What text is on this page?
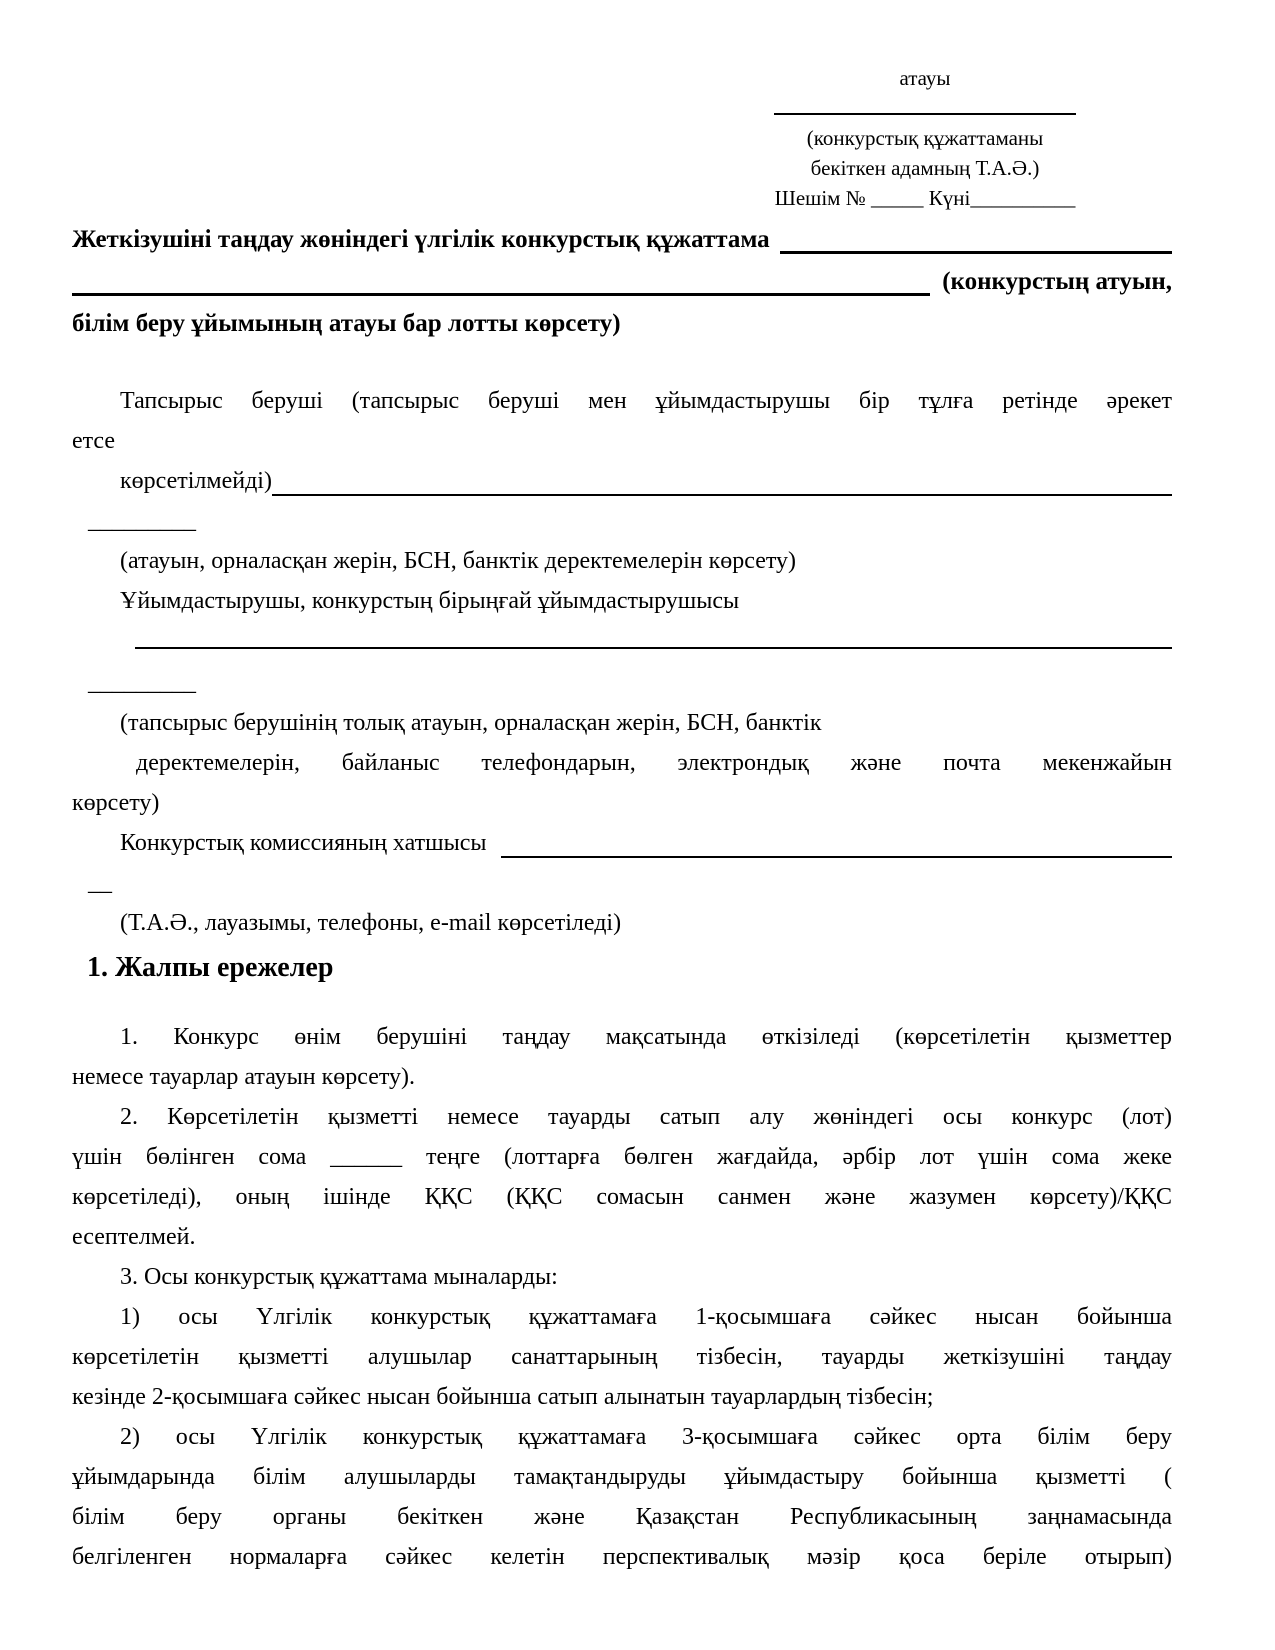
атауы
(конкурстық құжаттаманы
бекіткен адамның Т.А.Ә.)
Шешім № _____ Күні__________
Жеткізушіні таңдау жөніндегі үлгілік конкурстық құжаттама
(конкурстың атуын,
білім беру ұйымының атауы бар лотты көрсету)
Тапсырыс беруші (тапсырыс беруші мен ұйымдастырушы бір тұлға ретінде әрекет
етсе
көрсетілмейді)
_________
(атауын, орналасқан жерін, БСН, банктік деректемелерін көрсету)
Ұйымдастырушы, конкурстың бірыңғай ұйымдастырушысы
_________
(тапсырыс берушінің толық атауын, орналасқан жерін, БСН, банктік
деректемелерін, байланыс телефондарын, электрондық және почта мекенжайын
көрсету)
Конкурстық комиссияның хатшысы
__
(Т.А.Ә., лауазымы, телефоны, e-mail көрсетіледі)
1. Жалпы ережелер
1. Конкурс өнім берушіні таңдау мақсатында өткізіледі (көрсетілетін қызметтер
немесе тауарлар атауын көрсету).
2. Көрсетілетін қызметті немесе тауарды сатып алу жөніндегі осы конкурс (лот)
үшін бөлінген сома ______ теңге (лоттарға бөлген жағдайда, әрбір лот үшін сома жеке
көрсетіледі), оның ішінде ҚҚС (ҚҚС сомасын санмен және жазумен көрсету)/ҚҚС
есептелмей.
3. Осы конкурстық құжаттама мыналарды:
1) осы Үлгілік конкурстық құжаттамаға 1-қосымшаға сәйкес нысан бойынша
көрсетілетін қызметті алушылар санаттарының тізбесін, тауарды жеткізушіні таңдау
кезінде 2-қосымшаға сәйкес нысан бойынша сатып алынатын тауарлардың тізбесін;
2) осы Үлгілік конкурстық құжаттамаға 3-қосымшаға сәйкес орта білім беру
ұйымдарында білім алушыларды тамақтандыруды ұйымдастыру бойынша қызметті (
білім беру органы бекіткен және Қазақстан Республикасының заңнамасында
белгіленген нормаларға сәйкес келетін перспективалық мәзір қоса беріле отырып)
